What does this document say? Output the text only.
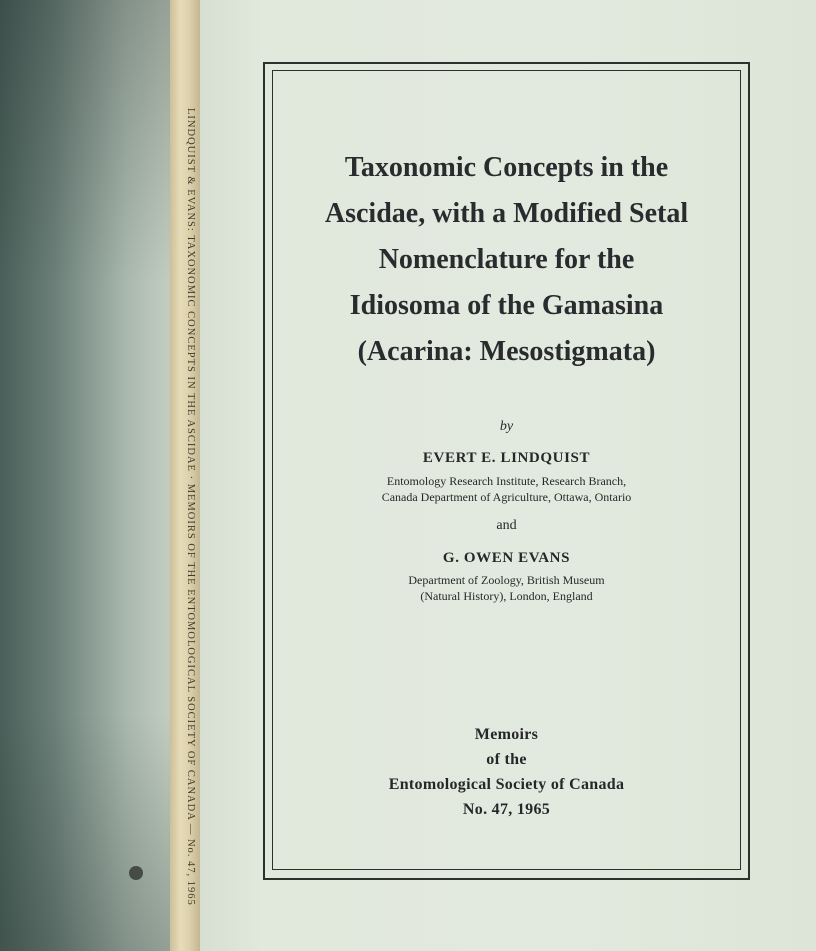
LINDQUIST & EVANS: TAXONOMIC CONCEPTS IN THE ASCIDAE · MEMOIRS OF THE ENTOMOLOGICAL SOCIETY OF CANADA — No. 47, 1965	Taxonomic Concepts in the
Ascidae, with a Modified Setal
Nomenclature for the
Idiosoma of the Gamasina
(Acarina: Mesostigmata)
by
EVERT E. LINDQUIST
Entomology Research Institute, Research Branch,
Canada Department of Agriculture, Ottawa, Ontario
and
G. OWEN EVANS
Department of Zoology, British Museum
(Natural History), London, England
Memoirs
of the
Entomological Society of Canada
No. 47, 1965
